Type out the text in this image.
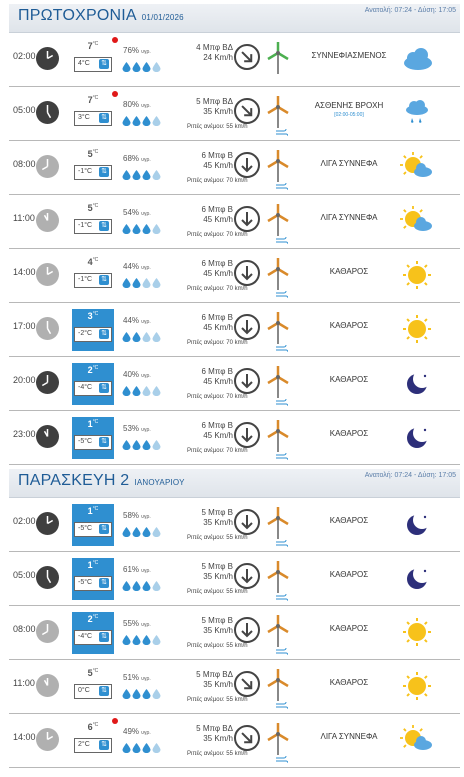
ΠΡΩΤΟΧΡΟΝΙΑ 01/01/2026
Ανατολή: 07:24 - Δύση: 17:05
02:00
$7^{^\circ C}$
4°C ⇅
76% υγρ.	4 Μπφ ΒΔ
24 Km/h	ΣΥΝΝΕΦΙΑΣΜΕΝΟΣ
05:00
$7^{^\circ C}$
3°C ⇅
80% υγρ.	5 Μπφ ΒΔ
35 Km/h
Ριπές ανέμου: 55 km/h
ΑΣΘΕΝΗΣ ΒΡΟΧΗ
[02:00-05:00]
08:00
$5^{^\circ C}$
-1°C ⇅
68% υγρ.	6 Μπφ Β
45 Km/h
Ριπές ανέμου: 70 km/h
ΛΙΓΑ ΣΥΝΝΕΦΑ
11:00
$5^{^\circ C}$
-1°C ⇅
54% υγρ.	6 Μπφ Β
45 Km/h
Ριπές ανέμου: 70 km/h
ΛΙΓΑ ΣΥΝΝΕΦΑ
14:00
$4^{^\circ C}$
-1°C ⇅
44% υγρ.	6 Μπφ Β
45 Km/h
Ριπές ανέμου: 70 km/h
ΚΑΘΑΡΟΣ
17:00
$3^{^\circ C}$
-2°C ⇅
44% υγρ.	6 Μπφ Β
45 Km/h
Ριπές ανέμου: 70 km/h
ΚΑΘΑΡΟΣ
20:00
$2^{^\circ C}$
-4°C ⇅
40% υγρ.	6 Μπφ Β
45 Km/h
Ριπές ανέμου: 70 km/h
ΚΑΘΑΡΟΣ
23:00
$1^{^\circ C}$
-5°C ⇅
53% υγρ.	6 Μπφ Β
45 Km/h
Ριπές ανέμου: 70 km/h
ΚΑΘΑΡΟΣ
ΠΑΡΑΣΚΕΥΗ 2 ΙΑΝΟΥΑΡΙΟΥ
Ανατολή: 07:24 - Δύση: 17:05
02:00
$1^{^\circ C}$
-5°C ⇅
58% υγρ.	5 Μπφ Β
35 Km/h
Ριπές ανέμου: 55 km/h
ΚΑΘΑΡΟΣ
05:00
$1^{^\circ C}$
-5°C ⇅
61% υγρ.	5 Μπφ Β
35 Km/h
Ριπές ανέμου: 55 km/h
ΚΑΘΑΡΟΣ
08:00
$2^{^\circ C}$
-4°C ⇅
55% υγρ.	5 Μπφ Β
35 Km/h
Ριπές ανέμου: 55 km/h
ΚΑΘΑΡΟΣ
11:00
$5^{^\circ C}$
0°C ⇅
51% υγρ.	5 Μπφ ΒΔ
35 Km/h
Ριπές ανέμου: 55 km/h
ΚΑΘΑΡΟΣ
14:00
$6^{^\circ C}$
2°C ⇅
49% υγρ.	5 Μπφ ΒΔ
35 Km/h
Ριπές ανέμου: 55 km/h
ΛΙΓΑ ΣΥΝΝΕΦΑ
